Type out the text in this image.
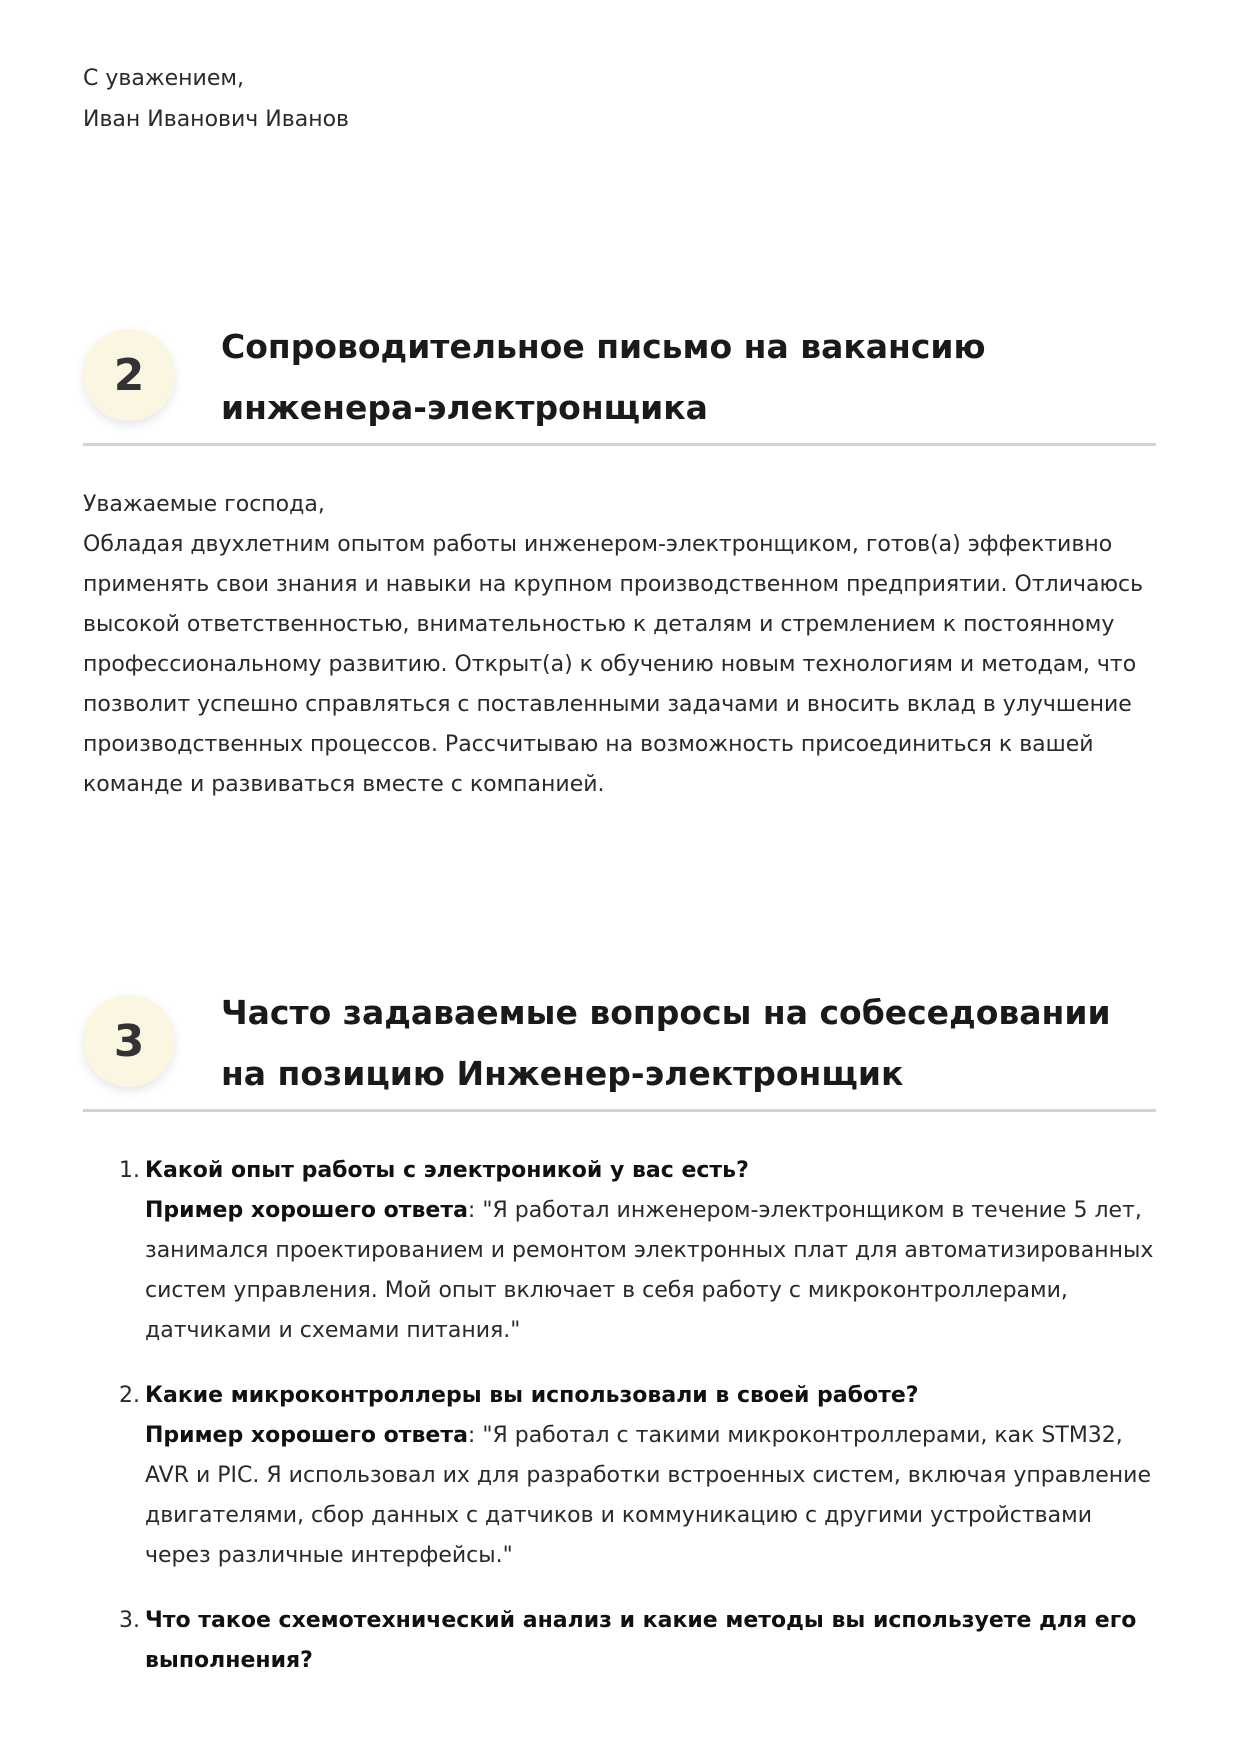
С уважением,
Иван Иванович Иванов
2
Сопроводительное письмо на вакансию инженера-электронщика

Уважаемые господа,

Обладая двухлетним опытом работы инженером-электронщиком, готов(а) эффективно применять свои знания и навыки на крупном производственном предприятии. Отличаюсь высокой ответственностью, внимательностью к деталям и стремлением к постоянному профессиональному развитию. Открыт(а) к обучению новым технологиям и методам, что позволит успешно справляться с поставленными задачами и вносить вклад в улучшение производственных процессов. Рассчитываю на возможность присоединиться к вашей команде и развиваться вместе с компанией.

3
Часто задаваемые вопросы на собеседовании на позицию Инженер-электронщик
1. Какой опыт работы с электроникой у вас есть?
Пример хорошего ответа: "Я работал инженером-электронщиком в течение 5 лет, занимался проектированием и ремонтом электронных плат для автоматизированных систем управления. Мой опыт включает в себя работу с микроконтроллерами, датчиками и схемами питания."
2. Какие микроконтроллеры вы использовали в своей работе?
Пример хорошего ответа: "Я работал с такими микроконтроллерами, как STM32, AVR и PIC. Я использовал их для разработки встроенных систем, включая управление двигателями, сбор данных с датчиков и коммуникацию с другими устройствами через различные интерфейсы."
3. Что такое схемотехнический анализ и какие методы вы используете для его выполнения?
